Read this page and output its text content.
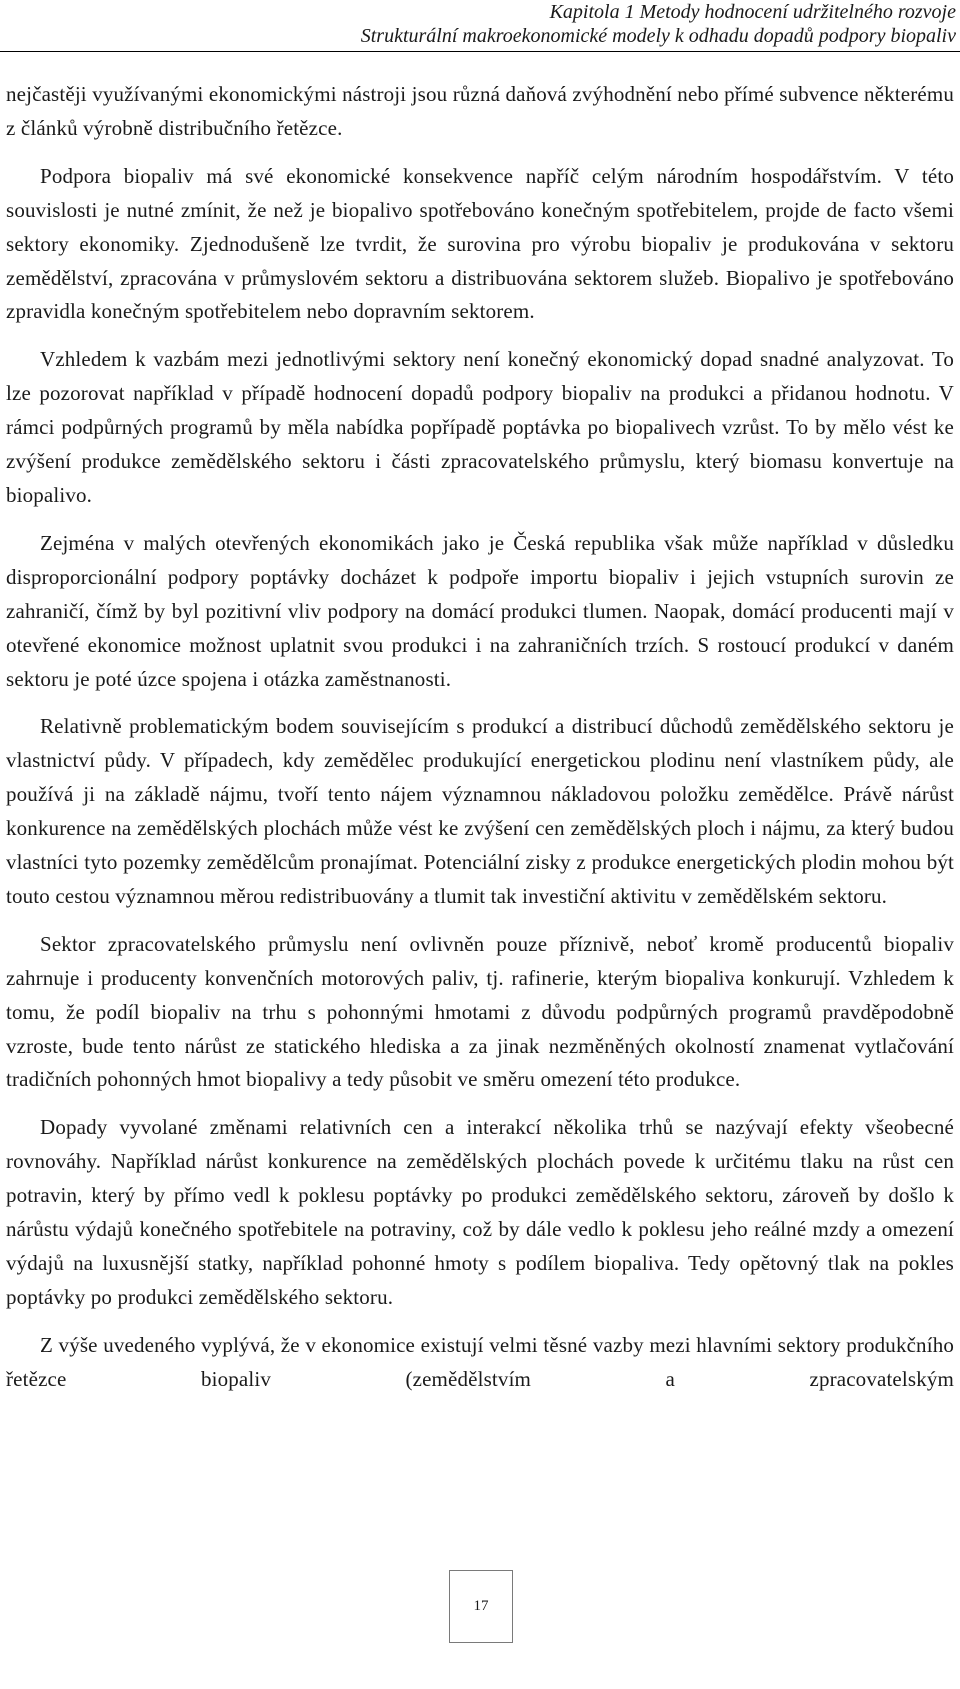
Kapitola 1 Metody hodnocení udržitelného rozvoje
Strukturální makroekonomické modely k odhadu dopadů podpory biopaliv

nejčastěji využívanými ekonomickými nástroji jsou různá daňová zvýhodnění nebo přímé subvence některému z článků výrobně distribučního řetězce.

Podpora biopaliv má své ekonomické konsekvence napříč celým národním hospodářstvím. V této souvislosti je nutné zmínit, že než je biopalivo spotřebováno konečným spotřebitelem, projde de facto všemi sektory ekonomiky. Zjednodušeně lze tvrdit, že surovina pro výrobu biopaliv je produkována v sektoru zemědělství, zpracována v průmyslovém sektoru a distribuována sektorem služeb. Biopalivo je spotřebováno zpravidla konečným spotřebitelem nebo dopravním sektorem.

Vzhledem k vazbám mezi jednotlivými sektory není konečný ekonomický dopad snadné analyzovat. To lze pozorovat například v případě hodnocení dopadů podpory biopaliv na produkci a přidanou hodnotu. V rámci podpůrných programů by měla nabídka popřípadě poptávka po biopalivech vzrůst. To by mělo vést ke zvýšení produkce zemědělského sektoru i části zpracovatelského průmyslu, který biomasu konvertuje na biopalivo.

Zejména v malých otevřených ekonomikách jako je Česká republika však může například v důsledku disproporcionální podpory poptávky docházet k podpoře importu biopaliv i jejich vstupních surovin ze zahraničí, čímž by byl pozitivní vliv podpory na domácí produkci tlumen. Naopak, domácí producenti mají v otevřené ekonomice možnost uplatnit svou produkci i na zahraničních trzích. S rostoucí produkcí v daném sektoru je poté úzce spojena i otázka zaměstnanosti.

Relativně problematickým bodem souvisejícím s produkcí a distribucí důchodů zemědělského sektoru je vlastnictví půdy. V případech, kdy zemědělec produkující energetickou plodinu není vlastníkem půdy, ale používá ji na základě nájmu, tvoří tento nájem významnou nákladovou položku zemědělce. Právě nárůst konkurence na zemědělských plochách může vést ke zvýšení cen zemědělských ploch i nájmu, za který budou vlastníci tyto pozemky zemědělcům pronajímat. Potenciální zisky z produkce energetických plodin mohou být touto cestou významnou měrou redistribuovány a tlumit tak investiční aktivitu v zemědělském sektoru.

Sektor zpracovatelského průmyslu není ovlivněn pouze příznivě, neboť kromě producentů biopaliv zahrnuje i producenty konvenčních motorových paliv, tj. rafinerie, kterým biopaliva konkurují. Vzhledem k tomu, že podíl biopaliv na trhu s pohonnými hmotami z důvodu podpůrných programů pravděpodobně vzroste, bude tento nárůst ze statického hlediska a za jinak nezměněných okolností znamenat vytlačování tradičních pohonných hmot biopalivy a tedy působit ve směru omezení této produkce.

Dopady vyvolané změnami relativních cen a interakcí několika trhů se nazývají efekty všeobecné rovnováhy. Například nárůst konkurence na zemědělských plochách povede k určitému tlaku na růst cen potravin, který by přímo vedl k poklesu poptávky po produkci zemědělského sektoru, zároveň by došlo k nárůstu výdajů konečného spotřebitele na potraviny, což by dále vedlo k poklesu jeho reálné mzdy a omezení výdajů na luxusnější statky, například pohonné hmoty s podílem biopaliva. Tedy opětovný tlak na pokles poptávky po produkci zemědělského sektoru.

Z výše uvedeného vyplývá, že v ekonomice existují velmi těsné vazby mezi hlavními sektory produkčního řetězce biopaliv (zemědělstvím a zpracovatelským

17
